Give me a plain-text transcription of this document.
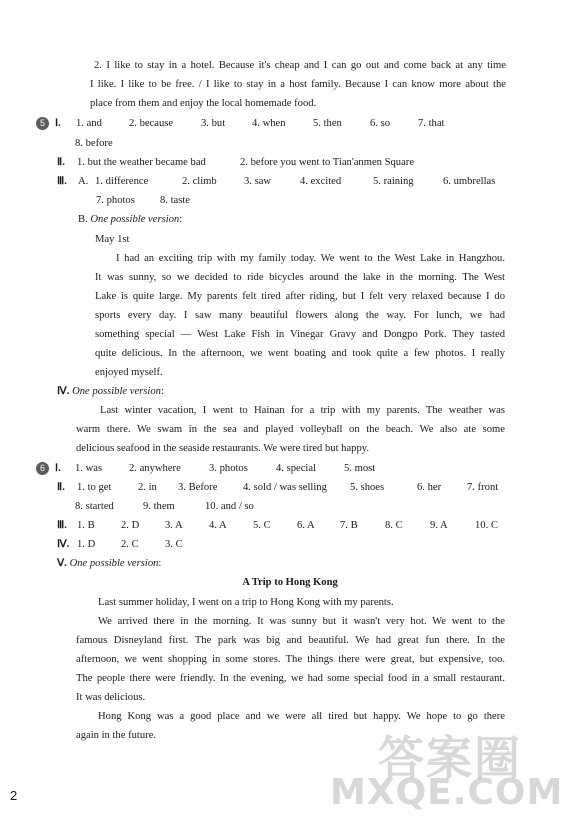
答案圈
MXQE.COM
2. I like to stay in a hotel. Because it's cheap and I can go out and come back at any time
I like. I like to be free. / I like to stay in a host family. Because I can know more about the
place from them and enjoy the local homemade food.
5 Ⅰ. 1. and	2. because	3. but	4. when	5. then	6. so	7. that
8. before
Ⅱ. 1. but the weather became bad	2. before you went to Tian'anmen Square
Ⅲ. A. 1. difference	2. climb	3. saw	4. excited	5. raining	6. umbrellas
7. photos 8. taste
B. One possible version:
May 1st
I had an exciting trip with my family today. We went to the West Lake in Hangzhou.
It was sunny, so we decided to ride bicycles around the lake in the morning. The West
Lake is quite large. My parents felt tired after riding, but I felt very relaxed because I do
sports every day. I saw many beautiful flowers along the way. For lunch, we had
something special — West Lake Fish in Vinegar Gravy and Dongpo Pork. They tasted
quite delicious. In the afternoon, we went boating and took quite a few photos. I really
enjoyed myself.
Ⅳ. One possible version:
Last winter vacation, I went to Hainan for a trip with my parents. The weather was
warm there. We swam in the sea and played volleyball on the beach. We also ate some
delicious seafood in the seaside restaurants. We were tired but happy.
6 Ⅰ. 1. was	2. anywhere	3. photos	4. special	5. most
Ⅱ. 1. to get	2. in 3. Before 4. sold / was selling 5. shoes	6. her 7. front
8. started	9. them	10. and / so
Ⅲ. 1. B 2. D 3. A 4. A 5. C 6. A 7. B	8. C	9. A	10. C
Ⅳ. 1. D 2. C 3. C
Ⅴ. One possible version:
A Trip to Hong Kong
Last summer holiday, I went on a trip to Hong Kong with my parents.
We arrived there in the morning. It was sunny but it wasn't very hot. We went to the
famous Disneyland first. The park was big and beautiful. We had great fun there. In the
afternoon, we went shopping in some stores. The things there were great, but expensive, too.
The people there were friendly. In the evening, we had some special food in a small restaurant.
It was delicious.
Hong Kong was a good place and we were all tired but happy. We hope to go there
again in the future.
2
